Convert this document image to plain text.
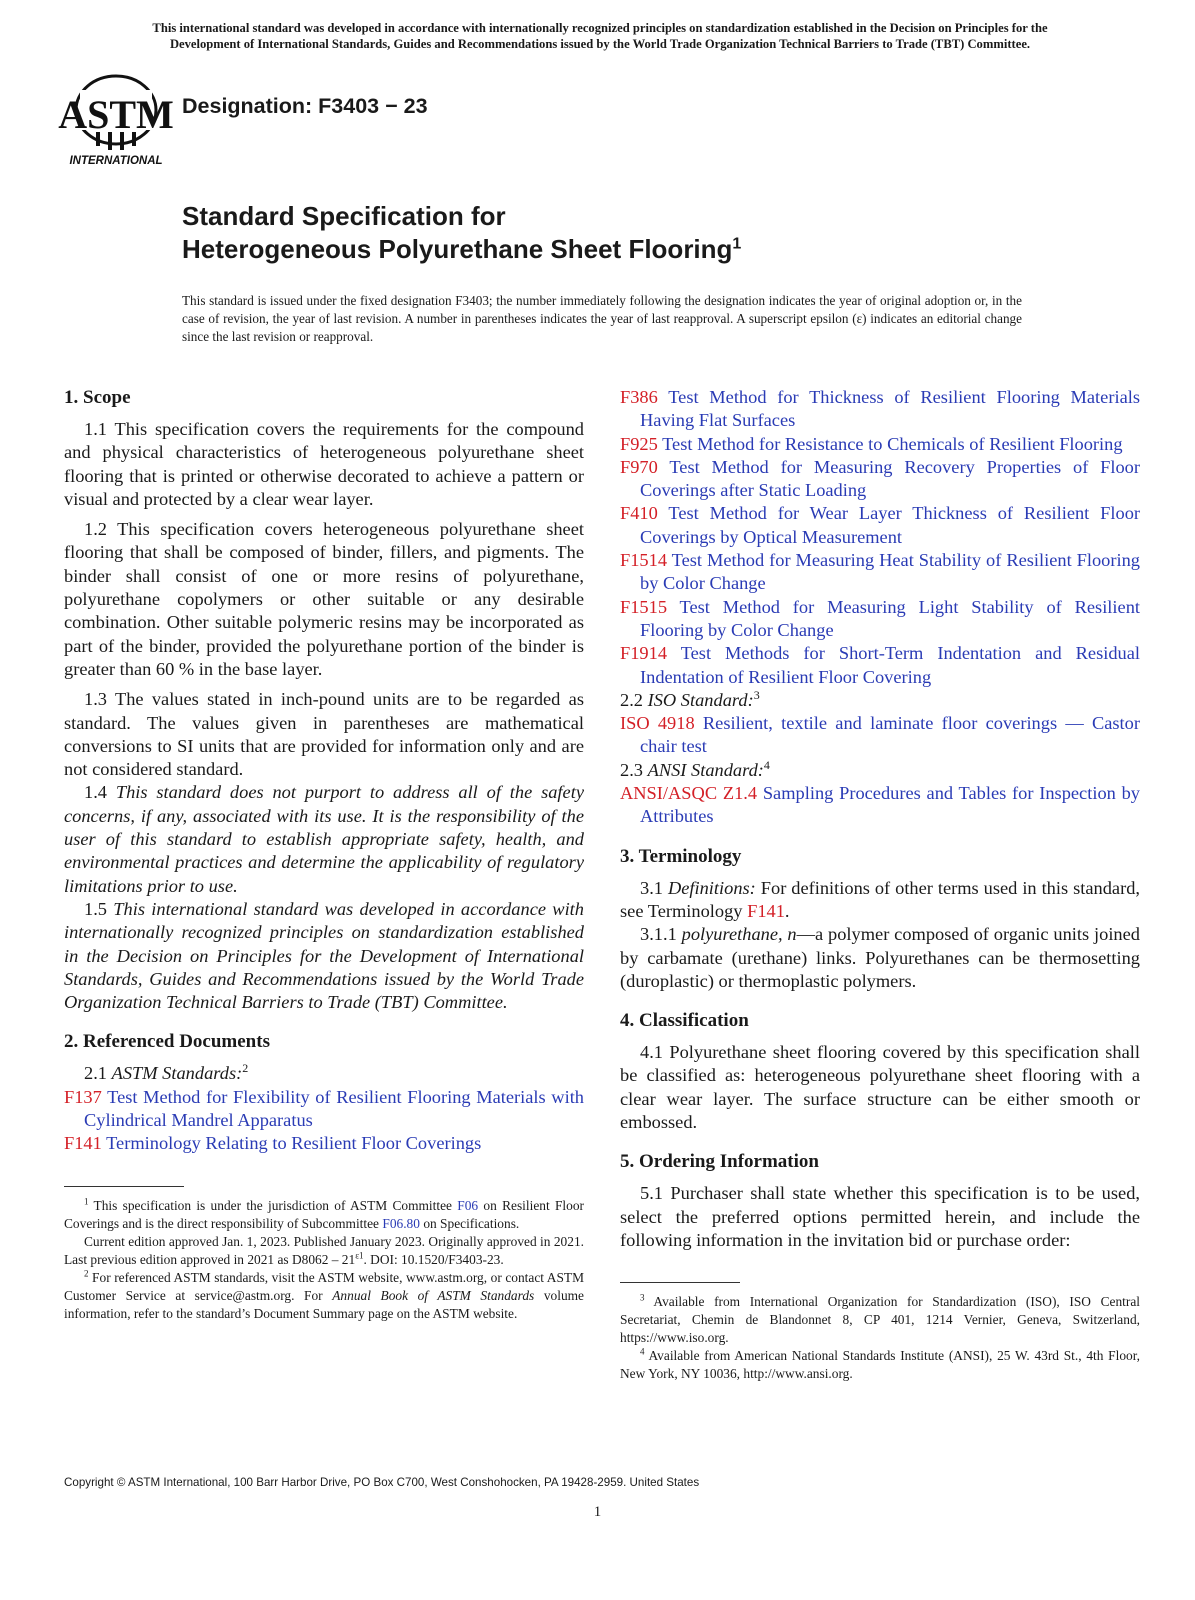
This international standard was developed in accordance with internationally recognized principles on standardization established in the Decision on Principles for the
Development of International Standards, Guides and Recommendations issued by the World Trade Organization Technical Barriers to Trade (TBT) Committee.
ASTM
INTERNATIONAL
Designation: F3403 − 23
Standard Specification for
Heterogeneous Polyurethane Sheet Flooring$^1$
This standard is issued under the fixed designation F3403; the number immediately following the designation indicates the year of original adoption or, in the case of revision, the year of last revision. A number in parentheses indicates the year of last reapproval. A superscript epsilon (ε) indicates an editorial change since the last revision or reapproval.
1. Scope

1.1 This specification covers the requirements for the compound and physical characteristics of heterogeneous polyurethane sheet flooring that is printed or otherwise decorated to achieve a pattern or visual and protected by a clear wear layer.

1.2 This specification covers heterogeneous polyurethane sheet flooring that shall be composed of binder, fillers, and pigments. The binder shall consist of one or more resins of polyurethane, polyurethane copolymers or other suitable or any desirable combination. Other suitable polymeric resins may be incorporated as part of the binder, provided the polyurethane portion of the binder is greater than 60 % in the base layer.

1.3 The values stated in inch-pound units are to be regarded as standard. The values given in parentheses are mathematical conversions to SI units that are provided for information only and are not considered standard.

1.4 This standard does not purport to address all of the safety concerns, if any, associated with its use. It is the responsibility of the user of this standard to establish appropriate safety, health, and environmental practices and determine the applicability of regulatory limitations prior to use.

1.5 This international standard was developed in accordance with internationally recognized principles on standardization established in the Decision on Principles for the Development of International Standards, Guides and Recommendations issued by the World Trade Organization Technical Barriers to Trade (TBT) Committee.

2. Referenced Documents

2.1 ASTM Standards:$^2$

F137 Test Method for Flexibility of Resilient Flooring Materials with Cylindrical Mandrel Apparatus

F141 Terminology Relating to Resilient Floor Coverings

$^1$ This specification is under the jurisdiction of ASTM Committee F06 on Resilient Floor Coverings and is the direct responsibility of Subcommittee F06.80 on Specifications.

Current edition approved Jan. 1, 2023. Published January 2023. Originally approved in 2021. Last previous edition approved in 2021 as $D8062 - 21^{\varepsilon 1}$. DOI: 10.1520/F3403-23.

$^2$ For referenced ASTM standards, visit the ASTM website, www.astm.org, or contact ASTM Customer Service at service@astm.org. For Annual Book of ASTM Standards volume information, refer to the standard’s Document Summary page on the ASTM website.

F386 Test Method for Thickness of Resilient Flooring Materials Having Flat Surfaces

F925 Test Method for Resistance to Chemicals of Resilient Flooring

F970 Test Method for Measuring Recovery Properties of Floor Coverings after Static Loading

F410 Test Method for Wear Layer Thickness of Resilient Floor Coverings by Optical Measurement

F1514 Test Method for Measuring Heat Stability of Resilient Flooring by Color Change

F1515 Test Method for Measuring Light Stability of Resilient Flooring by Color Change

F1914 Test Methods for Short-Term Indentation and Residual Indentation of Resilient Floor Covering

2.2 ISO Standard:$^3$

ISO 4918 Resilient, textile and laminate floor coverings — Castor chair test

2.3 ANSI Standard:$^4$

ANSI/ASQC Z1.4 Sampling Procedures and Tables for Inspection by Attributes

3. Terminology

3.1 Definitions: For definitions of other terms used in this standard, see Terminology F141.

3.1.1 polyurethane, n—a polymer composed of organic units joined by carbamate (urethane) links. Polyurethanes can be thermosetting (duroplastic) or thermoplastic polymers.

4. Classification

4.1 Polyurethane sheet flooring covered by this specification shall be classified as: heterogeneous polyurethane sheet flooring with a clear wear layer. The surface structure can be either smooth or embossed.

5. Ordering Information

5.1 Purchaser shall state whether this specification is to be used, select the preferred options permitted herein, and include the following information in the invitation bid or purchase order:

$^3$ Available from International Organization for Standardization (ISO), ISO Central Secretariat, Chemin de Blandonnet 8, CP 401, 1214 Vernier, Geneva, Switzerland, https://www.iso.org.

$^4$ Available from American National Standards Institute (ANSI), 25 W. 43rd St., 4th Floor, New York, NY 10036, http://www.ansi.org.

Copyright © ASTM International, 100 Barr Harbor Drive, PO Box C700, West Conshohocken, PA 19428-2959. United States
1
